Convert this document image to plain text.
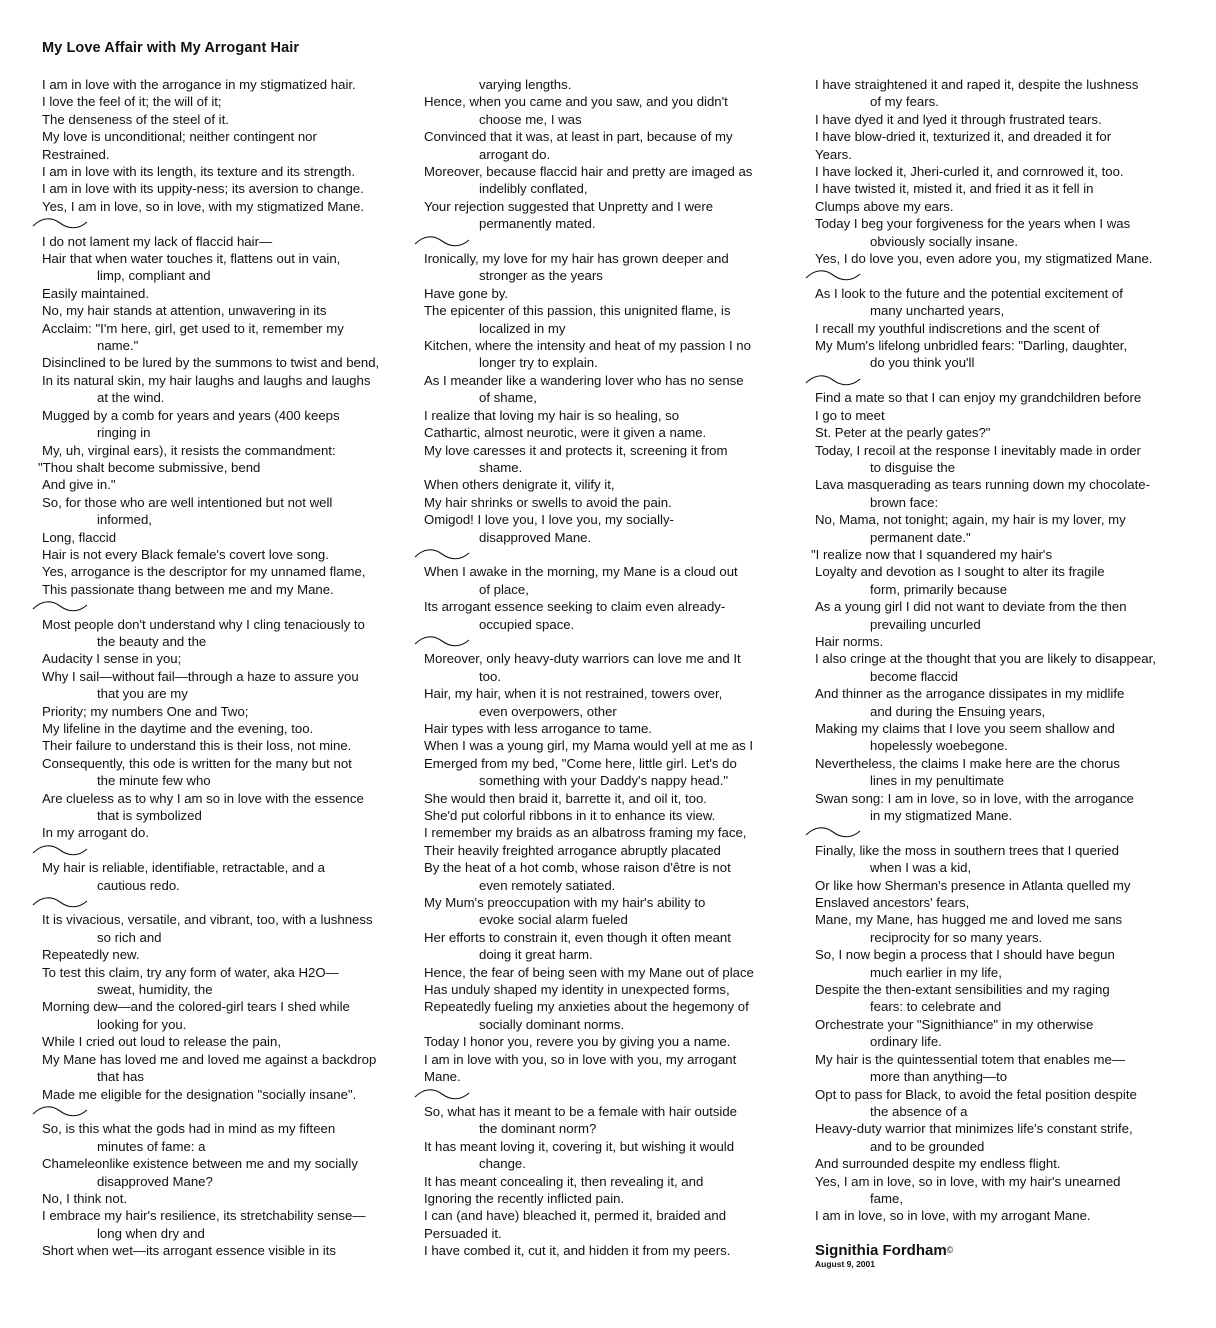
My Love Affair with My Arrogant Hair
I am in love with the arrogance in my stigmatized hair.
I love the feel of it; the will of it;
The denseness of the steel of it.
My love is unconditional; neither contingent nor
Restrained.
I am in love with its length, its texture and its strength.
I am in love with its uppity-ness; its aversion to change.
Yes, I am in love, so in love, with my stigmatized Mane.
I do not lament my lack of flaccid hair—
Hair that when water touches it, flattens out in vain,
limp, compliant and
Easily maintained.
No, my hair stands at attention, unwavering in its
Acclaim: "I'm here, girl, get used to it, remember my
name."
Disinclined to be lured by the summons to twist and bend,
In its natural skin, my hair laughs and laughs and laughs
at the wind.
Mugged by a comb for years and years (400 keeps
ringing in
My, uh, virginal ears), it resists the commandment:
"Thou shalt become submissive, bend
And give in."
So, for those who are well intentioned but not well
informed,
Long, flaccid
Hair is not every Black female's covert love song.
Yes, arrogance is the descriptor for my unnamed flame,
This passionate thang between me and my Mane.
Most people don't understand why I cling tenaciously to
the beauty and the
Audacity I sense in you;
Why I sail—without fail—through a haze to assure you
that you are my
Priority; my numbers One and Two;
My lifeline in the daytime and the evening, too.
Their failure to understand this is their loss, not mine.
Consequently, this ode is written for the many but not
the minute few who
Are clueless as to why I am so in love with the essence
that is symbolized
In my arrogant do.
My hair is reliable, identifiable, retractable, and a
cautious redo.
It is vivacious, versatile, and vibrant, too, with a lushness
so rich and
Repeatedly new.
To test this claim, try any form of water, aka H2O—
sweat, humidity, the
Morning dew—and the colored-girl tears I shed while
looking for you.
While I cried out loud to release the pain,
My Mane has loved me and loved me against a backdrop
that has
Made me eligible for the designation "socially insane".
So, is this what the gods had in mind as my fifteen
minutes of fame: a
Chameleonlike existence between me and my socially
disapproved Mane?
No, I think not.
I embrace my hair's resilience, its stretchability sense—
long when dry and
Short when wet—its arrogant essence visible in its
varying lengths.
Hence, when you came and you saw, and you didn't
choose me, I was
Convinced that it was, at least in part, because of my
arrogant do.
Moreover, because flaccid hair and pretty are imaged as
indelibly conflated,
Your rejection suggested that Unpretty and I were
permanently mated.
Ironically, my love for my hair has grown deeper and
stronger as the years
Have gone by.
The epicenter of this passion, this unignited flame, is
localized in my
Kitchen, where the intensity and heat of my passion I no
longer try to explain.
As I meander like a wandering lover who has no sense
of shame,
I realize that loving my hair is so healing, so
Cathartic, almost neurotic, were it given a name.
My love caresses it and protects it, screening it from
shame.
When others denigrate it, vilify it,
My hair shrinks or swells to avoid the pain.
Omigod! I love you, I love you, my socially-
disapproved Mane.
When I awake in the morning, my Mane is a cloud out
of place,
Its arrogant essence seeking to claim even already-
occupied space.
Moreover, only heavy-duty warriors can love me and It
too.
Hair, my hair, when it is not restrained, towers over,
even overpowers, other
Hair types with less arrogance to tame.
When I was a young girl, my Mama would yell at me as I
Emerged from my bed, "Come here, little girl. Let's do
something with your Daddy's nappy head."
She would then braid it, barrette it, and oil it, too.
She'd put colorful ribbons in it to enhance its view.
I remember my braids as an albatross framing my face,
Their heavily freighted arrogance abruptly placated
By the heat of a hot comb, whose raison d'être is not
even remotely satiated.
My Mum's preoccupation with my hair's ability to
evoke social alarm fueled
Her efforts to constrain it, even though it often meant
doing it great harm.
Hence, the fear of being seen with my Mane out of place
Has unduly shaped my identity in unexpected forms,
Repeatedly fueling my anxieties about the hegemony of
socially dominant norms.
Today I honor you, revere you by giving you a name.
I am in love with you, so in love with you, my arrogant
Mane.
So, what has it meant to be a female with hair outside
the dominant norm?
It has meant loving it, covering it, but wishing it would
change.
It has meant concealing it, then revealing it, and
Ignoring the recently inflicted pain.
I can (and have) bleached it, permed it, braided and
Persuaded it.
I have combed it, cut it, and hidden it from my peers.
I have straightened it and raped it, despite the lushness
of my fears.
I have dyed it and lyed it through frustrated tears.
I have blow-dried it, texturized it, and dreaded it for
Years.
I have locked it, Jheri-curled it, and cornrowed it, too.
I have twisted it, misted it, and fried it as it fell in
Clumps above my ears.
Today I beg your forgiveness for the years when I was
obviously socially insane.
Yes, I do love you, even adore you, my stigmatized Mane.
As I look to the future and the potential excitement of
many uncharted years,
I recall my youthful indiscretions and the scent of
My Mum's lifelong unbridled fears: "Darling, daughter,
do you think you'll
Find a mate so that I can enjoy my grandchildren before
I go to meet
St. Peter at the pearly gates?"
Today, I recoil at the response I inevitably made in order
to disguise the
Lava masquerading as tears running down my chocolate-
brown face:
No, Mama, not tonight; again, my hair is my lover, my
permanent date."
"I realize now that I squandered my hair's
Loyalty and devotion as I sought to alter its fragile
form, primarily because
As a young girl I did not want to deviate from the then
prevailing uncurled
Hair norms.
I also cringe at the thought that you are likely to disappear,
become flaccid
And thinner as the arrogance dissipates in my midlife
and during the Ensuing years,
Making my claims that I love you seem shallow and
hopelessly woebegone.
Nevertheless, the claims I make here are the chorus
lines in my penultimate
Swan song: I am in love, so in love, with the arrogance
in my stigmatized Mane.
Finally, like the moss in southern trees that I queried
when I was a kid,
Or like how Sherman's presence in Atlanta quelled my
Enslaved ancestors' fears,
Mane, my Mane, has hugged me and loved me sans
reciprocity for so many years.
So, I now begin a process that I should have begun
much earlier in my life,
Despite the then-extant sensibilities and my raging
fears: to celebrate and
Orchestrate your "Signithiance" in my otherwise
ordinary life.
My hair is the quintessential totem that enables me—
more than anything—to
Opt to pass for Black, to avoid the fetal position despite
the absence of a
Heavy-duty warrior that minimizes life's constant strife,
and to be grounded
And surrounded despite my endless flight.
Yes, I am in love, so in love, with my hair's unearned
fame,
I am in love, so in love, with my arrogant Mane.
Signithia Fordham©
August 9, 2001
